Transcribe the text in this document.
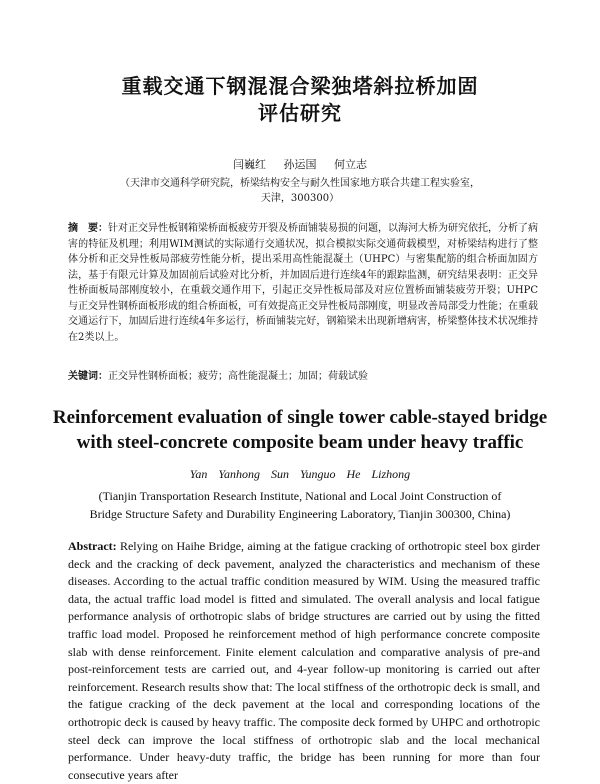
重载交通下钢混混合梁独塔斜拉桥加固
评估研究
闫巍红 孙运国 何立志
（天津市交通科学研究院，桥梁结构安全与耐久性国家地方联合共建工程实验室，
天津，300300）

摘　要：针对正交异性板钢箱梁桥面板疲劳开裂及桥面铺装易损的问题，以海河大桥为研究依托，分析了病害的特征及机理；利用WIM测试的实际通行交通状况，拟合模拟实际交通荷载模型，对桥梁结构进行了整体分析和正交异性板局部疲劳性能分析，提出采用高性能混凝土（UHPC）与密集配筋的组合桥面加固方法，基于有限元计算及加固前后试验对比分析，并加固后进行连续4年的跟踪监测，研究结果表明：正交异性桥面板局部刚度较小，在重载交通作用下，引起正交异性板局部及对应位置桥面铺装疲劳开裂；UHPC与正交异性钢桥面板形成的组合桥面板，可有效提高正交异性板局部刚度，明显改善局部受力性能；在重载交通运行下，加固后进行连续4年多运行，桥面铺装完好，钢箱梁未出现新增病害，桥梁整体技术状况维持在2类以上。

关键词：正交异性钢桥面板；疲劳；高性能混凝土；加固；荷载试验

Reinforcement evaluation of single tower cable-stayed bridge
with steel-concrete composite beam under heavy traffic
Yan Yanhong Sun Yunguo He Lizhong
(Tianjin Transportation Research Institute, National and Local Joint Construction of
Bridge Structure Safety and Durability Engineering Laboratory, Tianjin 300300, China)

Abstract: Relying on Haihe Bridge, aiming at the fatigue cracking of orthotropic steel box girder deck and the cracking of deck pavement, analyzed the characteristics and mechanism of these diseases. According to the actual traffic condition measured by WIM. Using the measured traffic data, the actual traffic load model is fitted and simulated. The overall analysis and local fatigue performance analysis of orthotropic slabs of bridge structures are carried out by using the fitted traffic load model. Proposed he reinforcement method of high performance concrete composite slab with dense reinforcement. Finite element calculation and comparative analysis of pre-and post-reinforcement tests are carried out, and 4-year follow-up monitoring is carried out after reinforcement. Research results show that: The local stiffness of the orthotropic deck is small, and the fatigue cracking of the deck pavement at the local and corresponding locations of the orthotropic deck is caused by heavy traffic. The composite deck formed by UHPC and orthotropic steel deck can improve the local stiffness of orthotropic slab and the local mechanical performance. Under heavy-duty traffic, the bridge has been running for more than four consecutive years after
